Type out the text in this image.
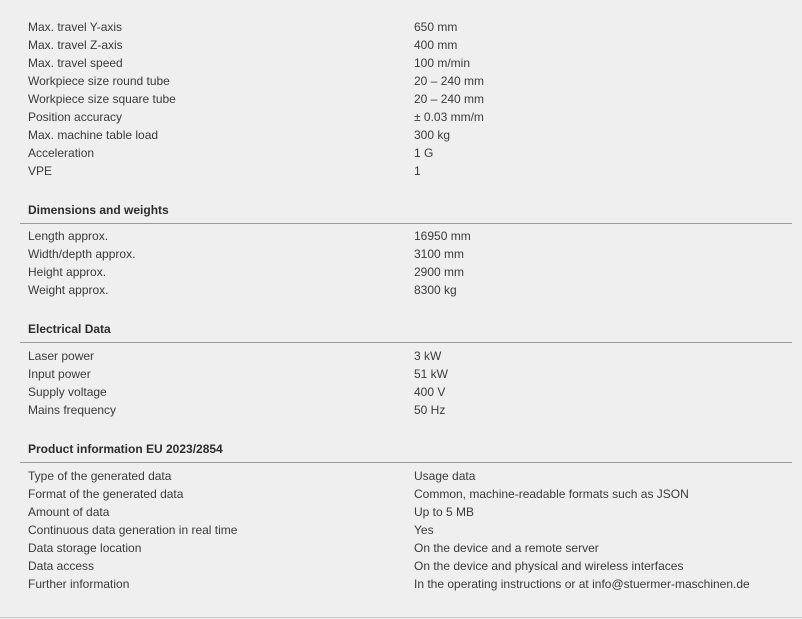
Max. travel Y-axis	650 mm
Max. travel Z-axis	400 mm
Max. travel speed	100 m/min
Workpiece size round tube	20 – 240 mm
Workpiece size square tube	20 – 240 mm
Position accuracy	± 0.03 mm/m
Max. machine table load	300 kg
Acceleration	1 G
VPE	1
Dimensions and weights
Length approx.	16950 mm
Width/depth approx.	3100 mm
Height approx.	2900 mm
Weight approx.	8300 kg
Electrical Data
Laser power	3 kW
Input power	51 kW
Supply voltage	400 V
Mains frequency	50 Hz
Product information EU 2023/2854
Type of the generated data	Usage data
Format of the generated data	Common, machine-readable formats such as JSON
Amount of data	Up to 5 MB
Continuous data generation in real time	Yes
Data storage location	On the device and a remote server
Data access	On the device and physical and wireless interfaces
Further information	In the operating instructions or at info@stuermer-maschinen.de
